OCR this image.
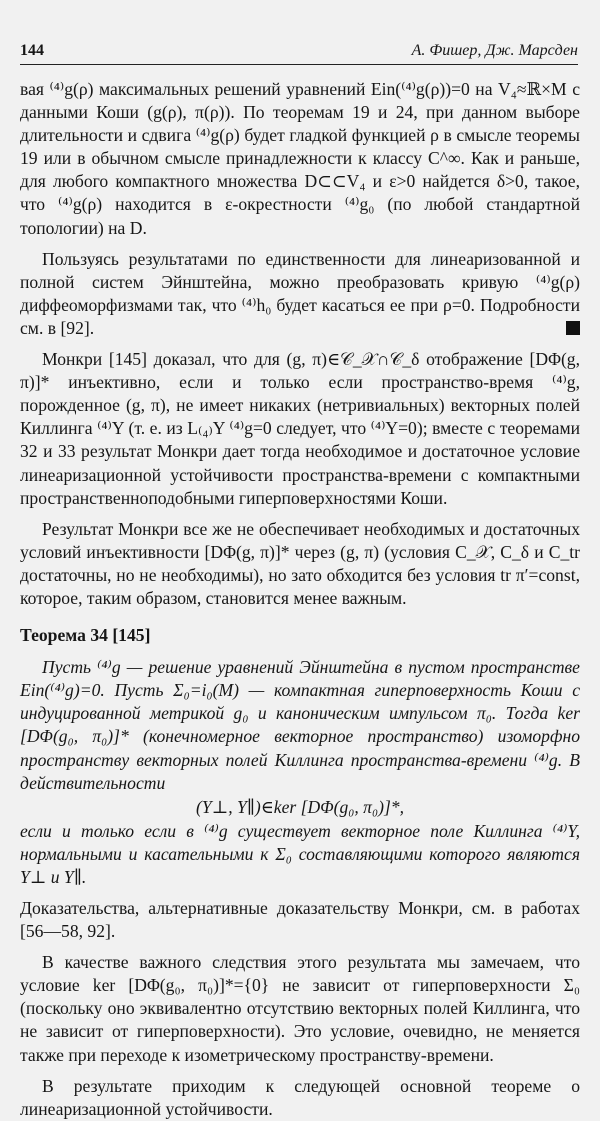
144	А. Фишер, Дж. Марсден

вая ⁽⁴⁾g(ρ) максимальных решений уравнений Ein(⁽⁴⁾g(ρ))=0 на V₄≈ℝ×M с данными Коши (g(ρ), π(ρ)). По теоремам 19 и 24, при данном выборе длительности и сдвига ⁽⁴⁾g(ρ) будет гладкой функцией ρ в смысле теоремы 19 или в обычном смысле принадлежности к классу C^∞. Как и раньше, для любого компактного множества D⊂⊂V₄ и ε>0 найдется δ>0, такое, что ⁽⁴⁾g(ρ) находится в ε-окрестности ⁽⁴⁾g₀ (по любой стандартной топологии) на D.

Пользуясь результатами по единственности для линеаризованной и полной систем Эйнштейна, можно преобразовать кривую ⁽⁴⁾g(ρ) диффеоморфизмами так, что ⁽⁴⁾h₀ будет касаться ее при ρ=0. Подробности см. в [92].

Монкри [145] доказал, что для (g, π)∈𝒞_𝒳∩𝒞_δ отображение [DΦ(g, π)]* инъективно, если и только если пространство-время ⁽⁴⁾g, порожденное (g, π), не имеет никаких (нетривиальных) векторных полей Киллинга ⁽⁴⁾Y (т. е. из L₍₄₎Y ⁽⁴⁾g=0 следует, что ⁽⁴⁾Y=0); вместе с теоремами 32 и 33 результат Монкри дает тогда необходимое и достаточное условие линеаризационной устойчивости пространства-времени с компактными пространственноподобными гиперповерхностями Коши.

Результат Монкри все же не обеспечивает необходимых и достаточных условий инъективности [DΦ(g, π)]* через (g, π) (условия C_𝒳, C_δ и C_tr достаточны, но не необходимы), но зато обходится без условия tr π′=const, которое, таким образом, становится менее важным.

Теорема 34 [145]

Пусть ⁽⁴⁾g — решение уравнений Эйнштейна в пустом пространстве Ein(⁽⁴⁾g)=0. Пусть Σ₀=i₀(M) — компактная гиперповерхность Коши с индуцированной метрикой g₀ и каноническим импульсом π₀. Тогда ker [DΦ(g₀, π₀)]* (конечномерное векторное пространство) изоморфно пространству векторных полей Киллинга пространства-времени ⁽⁴⁾g. В действительности

(Y⊥, Y∥)∈ker [DΦ(g₀, π₀)]*,

если и только если в ⁽⁴⁾g существует векторное поле Киллинга ⁽⁴⁾Y, нормальными и касательными к Σ₀ составляющими которого являются Y⊥ и Y∥.

Доказательства, альтернативные доказательству Монкри, см. в работах [56—58, 92].

В качестве важного следствия этого результата мы замечаем, что условие ker [DΦ(g₀, π₀)]*={0} не зависит от гиперповерхности Σ₀ (поскольку оно эквивалентно отсутствию векторных полей Киллинга, что не зависит от гиперповерхности). Это условие, очевидно, не меняется также при переходе к изометрическому пространству-времени.

В результате приходим к следующей основной теореме о линеаризационной устойчивости.
